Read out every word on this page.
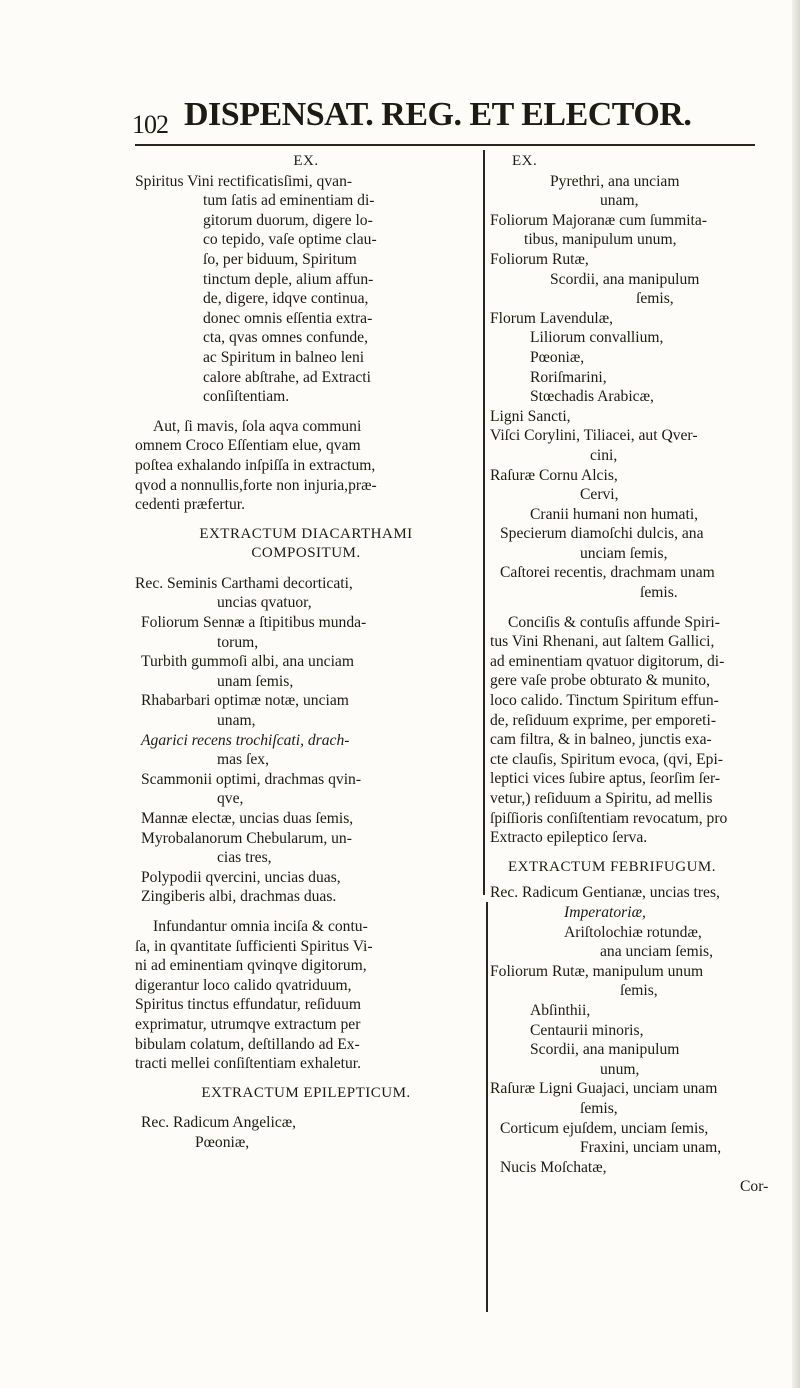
102 DISPENSAT. REG. ET ELECTOR.
EX.
Spiritus Vini rectificatisſimi, qvan-
tum ſatis ad eminentiam di-
gitorum duorum, digere lo-
co tepido, vaſe optime clau-
ſo, per biduum, Spiritum
tinctum deple, alium affun-
de, digere, idqve continua,
donec omnis eſſentia extra-
cta, qvas omnes confunde,
ac Spiritum in balneo leni
calore abſtrahe, ad Extracti
conſiſtentiam.
Aut, ſi mavis, ſola aqva communi
omnem Croco Eſſentiam elue, qvam
poſtea exhalando inſpiſſa in extractum,
qvod a nonnullis,forte non injuria,præ-
cedenti præfertur.
EXTRACTUM DIACARTHAMI
COMPOSITUM.
Rec. Seminis Carthami decorticati,
uncias qvatuor,
Foliorum Sennæ a ſtipitibus munda-
torum,
Turbith gummoſi albi, ana unciam
unam ſemis,
Rhabarbari optimæ notæ, unciam
unam,
Agarici recens trochiſcati, drach-
mas ſex,
Scammonii optimi, drachmas qvin-
qve,
Mannæ electæ, uncias duas ſemis,
Myrobalanorum Chebularum, un-
cias tres,
Polypodii qvercini, uncias duas,
Zingiberis albi, drachmas duas.
Infundantur omnia inciſa & contu-
ſa, in qvantitate ſufficienti Spiritus Vi-
ni ad eminentiam qvinqve digitorum,
digerantur loco calido qvatriduum,
Spiritus tinctus effundatur, reſiduum
exprimatur, utrumqve extractum per
bibulam colatum, deſtillando ad Ex-
tracti mellei conſiſtentiam exhaletur.
EXTRACTUM EPILEPTICUM.
Rec. Radicum Angelicæ,
Pœoniæ,
EX.
Pyrethri, ana unciam
unam,
Foliorum Majoranæ cum ſummita-
tibus, manipulum unum,
Foliorum Rutæ,
Scordii, ana manipulum
ſemis,
Florum Lavendulæ,
Liliorum convallium,
Pœoniæ,
Roriſmarini,
Stœchadis Arabicæ,
Ligni Sancti,
Viſci Corylini, Tiliacei, aut Qver-
cini,
Raſuræ Cornu Alcis,
Cervi,
Cranii humani non humati,
Specierum diamoſchi dulcis, ana
unciam ſemis,
Caſtorei recentis, drachmam unam
ſemis.
Conciſis & contuſis affunde Spiri-
tus Vini Rhenani, aut ſaltem Gallici,
ad eminentiam qvatuor digitorum, di-
gere vaſe probe obturato & munito,
loco calido. Tinctum Spiritum effun-
de, reſiduum exprime, per emporeti-
cam filtra, & in balneo, junctis exa-
cte clauſis, Spiritum evoca, (qvi, Epi-
leptici vices ſubire aptus, ſeorſim ſer-
vetur,) reſiduum a Spiritu, ad mellis
ſpiſſioris conſiſtentiam revocatum, pro
Extracto epileptico ſerva.
EXTRACTUM FEBRIFUGUM.
Rec. Radicum Gentianæ, uncias tres,
Imperatoriæ,
Ariſtolochiæ rotundæ,
ana unciam ſemis,
Foliorum Rutæ, manipulum unum
ſemis,
Abſinthii,
Centaurii minoris,
Scordii, ana manipulum
unum,
Raſuræ Ligni Guajaci, unciam unam
ſemis,
Corticum ejuſdem, unciam ſemis,
Fraxini, unciam unam,
Nucis Moſchatæ,
Cor-
